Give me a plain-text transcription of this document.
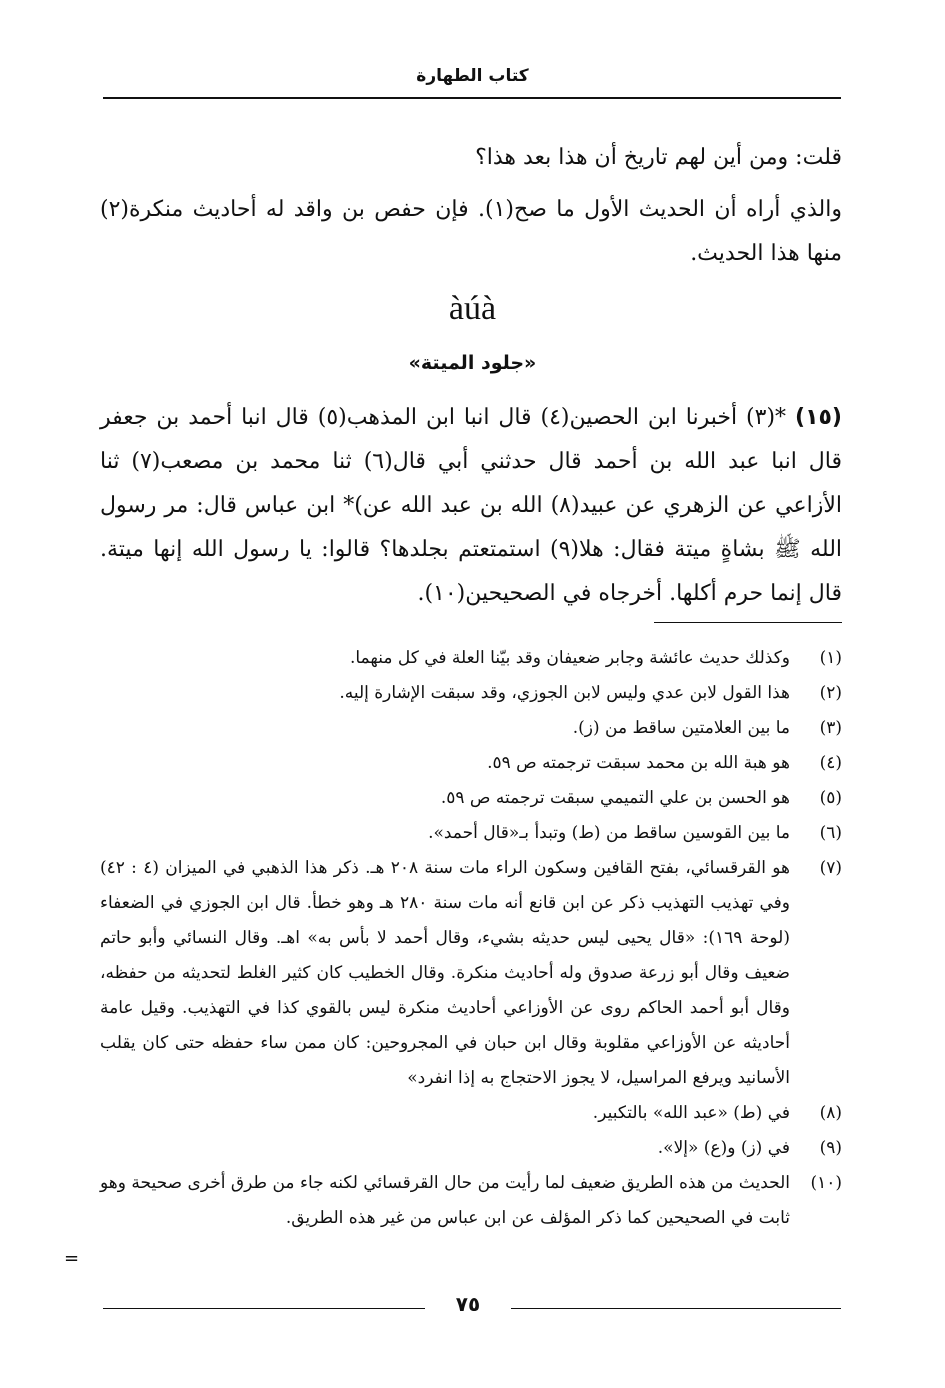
كتاب الطهارة
قلت: ومن أين لهم تاريخ أن هذا بعد هذا؟
والذي أراه أن الحديث الأول ما صح(١). فإن حفص بن واقد له أحاديث منكرة(٢) منها هذا الحديث.
àúà
«جلود الميتة»
(١٥) *(٣) أخبرنا ابن الحصين(٤) قال انبا ابن المذهب(٥) قال انبا أحمد بن جعفر قال انبا عبد الله بن أحمد قال حدثني أبي قال(٦) ثنا محمد بن مصعب(٧) ثنا الأزاعي عن الزهري عن عبيد(٨) الله بن عبد الله عن)* ابن عباس قال: مر رسول الله ﷺ بشاةٍ ميتة فقال: هلا(٩) استمتعتم بجلدها؟ قالوا: يا رسول الله إنها ميتة. قال إنما حرم أكلها. أخرجاه في الصحيحين(١٠).
(١)
وكذلك حديث عائشة وجابر ضعيفان وقد بيّنا العلة في كل منهما.
(٢)
هذا القول لابن عدي وليس لابن الجوزي، وقد سبقت الإشارة إليه.
(٣)
ما بين العلامتين ساقط من (ز).
(٤)
هو هبة الله بن محمد سبقت ترجمته ص ٥٩.
(٥)
هو الحسن بن علي التميمي سبقت ترجمته ص ٥٩.
(٦)
ما بين القوسين ساقط من (ط) وتبدأ بـ«قال أحمد».
(٧)
هو القرقسائي، بفتح القافين وسكون الراء مات سنة ٢٠٨ هـ. ذكر هذا الذهبي في الميزان (٤ : ٤٢) وفي تهذيب التهذيب ذكر عن ابن قانع أنه مات سنة ٢٨٠ هـ وهو خطأ. قال ابن الجوزي في الضعفاء (لوحة ١٦٩): «قال يحيى ليس حديثه بشيء، وقال أحمد لا بأس به» اهـ. وقال النسائي وأبو حاتم ضعيف وقال أبو زرعة صدوق وله أحاديث منكرة. وقال الخطيب كان كثير الغلط لتحديثه من حفظه، وقال أبو أحمد الحاكم روى عن الأوزاعي أحاديث منكرة ليس بالقوي كذا في التهذيب. وقيل عامة أحاديثه عن الأوزاعي مقلوبة وقال ابن حبان في المجروحين: كان ممن ساء حفظه حتى كان يقلب الأسانيد ويرفع المراسيل، لا يجوز الاحتجاج به إذا انفرد»
(٨)
في (ط) «عبد الله» بالتكبير.
(٩)
في (ز) و(ع) «إلا».
(١٠)
الحديث من هذه الطريق ضعيف لما رأيت من حال القرقسائي لكنه جاء من طرق أخرى صحيحة وهو ثابت في الصحيحين كما ذكر المؤلف عن ابن عباس من غير هذه الطريق.
=
٧٥
